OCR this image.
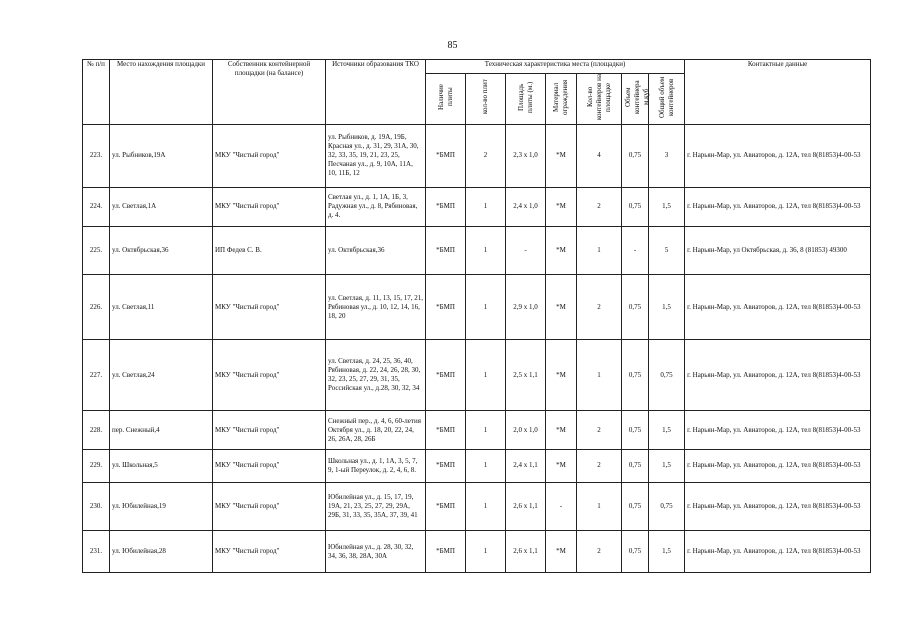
85
№ п/п	Место нахождения площадки	Собственник контейнерной площадки (на балансе)	Источники образования ТКО	Техническая характеристика места (площадки)							Контактные данные

				Наличие плиты	кол-во плит	Площадь плиты (м.)	Материал ограждения	Кол-во контейнеров на площадке	Объем контейнера м.куб	Общий объем контейнеров	

223.	ул. Рыбников,19А	МКУ "Чистый город"	ул. Рыбников, д. 19А, 19Б, Красная ул., д. 31, 29, 31А, 30, 32, 33, 35, 19, 21, 23, 25, Песчаная ул., д. 9, 10А, 11А, 10, 11Б, 12	*БМП	2	2,3 x 1,0	*М	4	0,75	3	г. Нарьян-Мар, ул. Авиаторов, д. 12А, тел 8(81853)4-00-53
224.	ул. Светлая,1А	МКУ "Чистый город"	Светлая ул., д. 1, 1А, 1Б, 3, Радужная ул., д. 8, Рябиновая, д. 4.	*БМП	1	2,4 x 1,0	*М	2	0,75	1,5	г. Нарьян-Мар, ул. Авиаторов, д. 12А, тел 8(81853)4-00-53
225.	ул. Октябрьская,36	ИП Федев С. В.	ул. Октябрьская,36	*БМП	1	-	*М	1	-	5	г. Нарьян-Мар, ул Октябрьская, д. 36, 8 (81853) 49300
226.	ул. Светлая,11	МКУ "Чистый город"	ул. Светлая, д. 11, 13, 15, 17, 21, Рябиновая ул., д. 10, 12, 14, 16, 18, 20	*БМП	1	2,9 x 1,0	*М	2	0,75	1,5	г. Нарьян-Мар, ул. Авиаторов, д. 12А, тел 8(81853)4-00-53
227.	ул. Светлая,24	МКУ "Чистый город"	ул. Светлая, д. 24, 25, 36, 40, Рябиновая, д. 22, 24, 26, 28, 30, 32, 23, 25, 27, 29, 31, 35, Российская ул., д.28, 30, 32, 34	*БМП	1	2,5 x 1,1	*М	1	0,75	0,75	г. Нарьян-Мар, ул. Авиаторов, д. 12А, тел 8(81853)4-00-53
228.	пер. Снежный,4	МКУ "Чистый город"	Снежный пер., д. 4, 6, 60-летия Октября ул., д. 18, 20, 22, 24, 26, 26А, 28, 26Б	*БМП	1	2,0 x 1,0	*М	2	0,75	1,5	г. Нарьян-Мар, ул. Авиаторов, д. 12А, тел 8(81853)4-00-53
229.	ул. Школьная,5	МКУ "Чистый город"	Школьная ул., д. 1, 1А, 3, 5, 7, 9, 1-ый Переулок, д. 2, 4, 6, 8.	*БМП	1	2,4 x 1,1	*М	2	0,75	1,5	г. Нарьян-Мар, ул. Авиаторов, д. 12А, тел 8(81853)4-00-53
230.	ул. Юбилейная,19	МКУ "Чистый город"	Юбилейная ул., д. 15, 17, 19, 19А, 21, 23, 25, 27, 29, 29А, 29Б, 31, 33, 35, 35А, 37, 39, 41	*БМП	1	2,6 x 1,1	-	1	0,75	0,75	г. Нарьян-Мар, ул. Авиаторов, д. 12А, тел 8(81853)4-00-53
231.	ул. Юбилейная,28	МКУ "Чистый город"	Юбилейная ул., д. 28, 30, 32, 34, 36, 38, 28А, 30А	*БМП	1	2,6 x 1,1	*М	2	0,75	1,5	г. Нарьян-Мар, ул. Авиаторов, д. 12А, тел 8(81853)4-00-53
